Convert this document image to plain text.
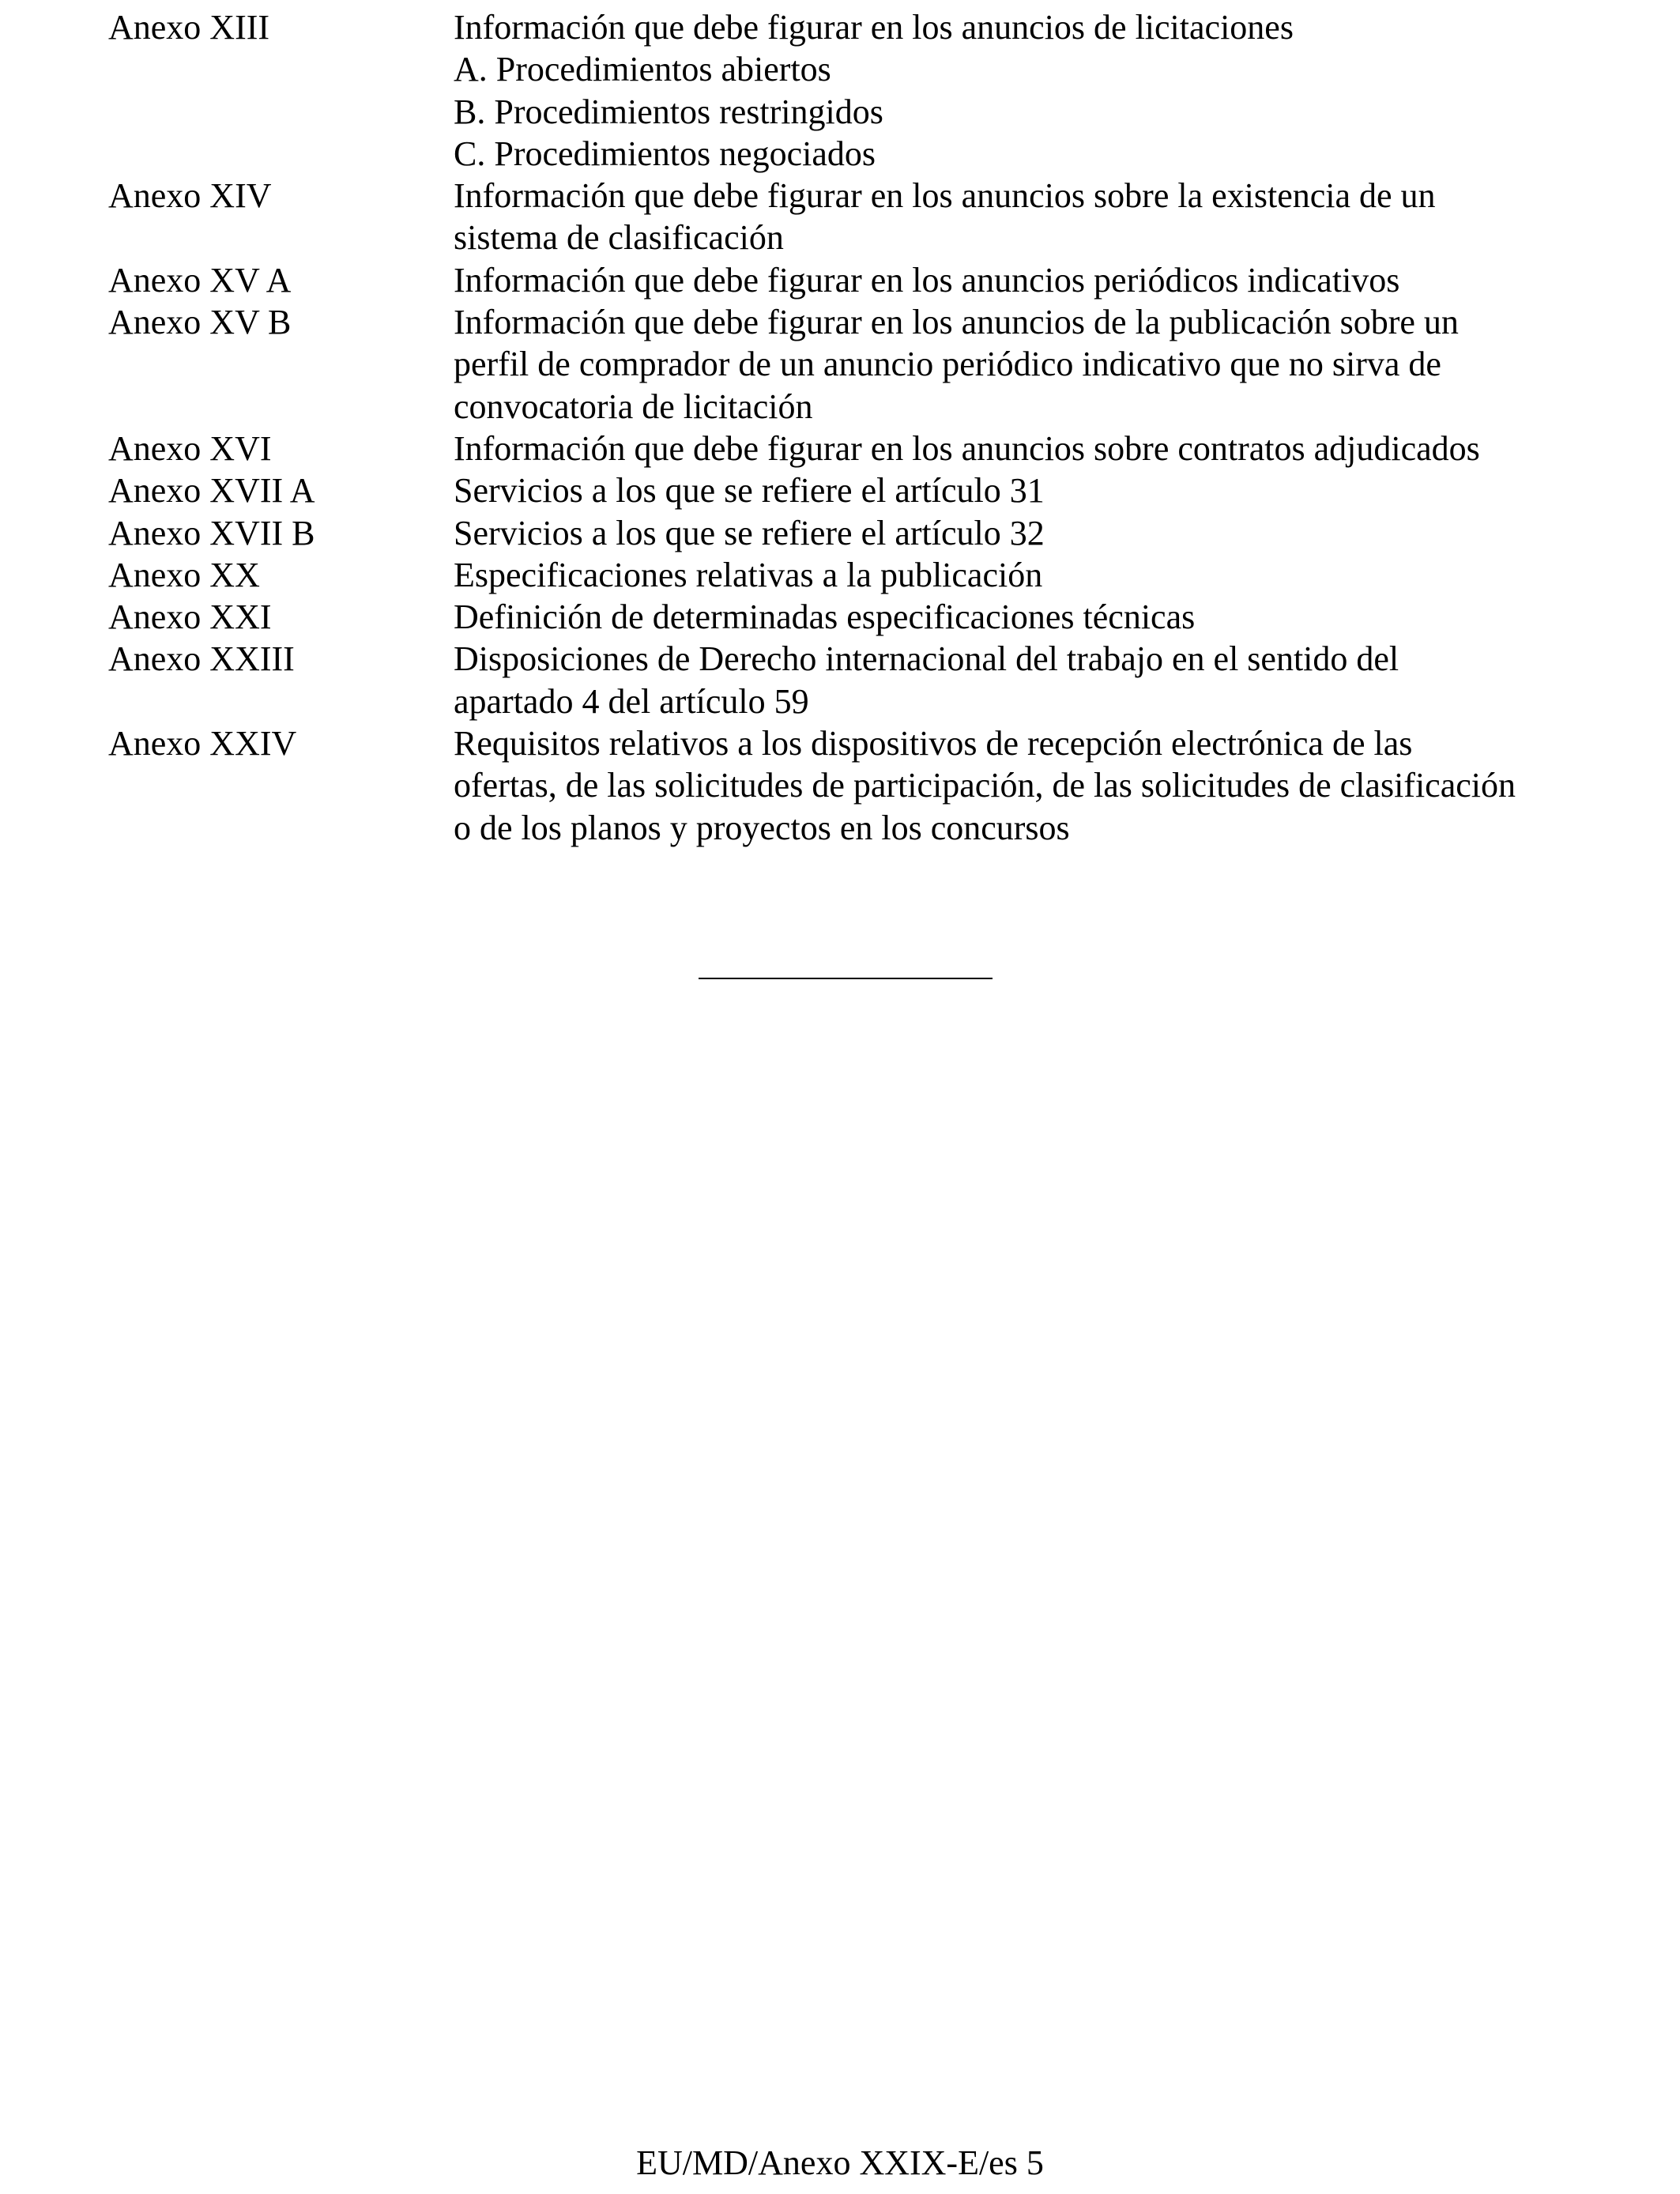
Anexo XIII	Información que debe figurar en los anuncios de licitaciones
A. Procedimientos abiertos
B. Procedimientos restringidos
C. Procedimientos negociados
Anexo XIV	Información que debe figurar en los anuncios sobre la existencia de un
sistema de clasificación
Anexo XV A	Información que debe figurar en los anuncios periódicos indicativos
Anexo XV B	Información que debe figurar en los anuncios de la publicación sobre un
perfil de comprador de un anuncio periódico indicativo que no sirva de
convocatoria de licitación
Anexo XVI	Información que debe figurar en los anuncios sobre contratos adjudicados
Anexo XVII A	Servicios a los que se refiere el artículo 31
Anexo XVII B	Servicios a los que se refiere el artículo 32
Anexo XX	Especificaciones relativas a la publicación
Anexo XXI	Definición de determinadas especificaciones técnicas
Anexo XXIII	Disposiciones de Derecho internacional del trabajo en el sentido del
apartado 4 del artículo 59
Anexo XXIV	Requisitos relativos a los dispositivos de recepción electrónica de las
ofertas, de las solicitudes de participación, de las solicitudes de clasificación
o de los planos y proyectos en los concursos
EU/MD/Anexo XXIX-E/es 5
